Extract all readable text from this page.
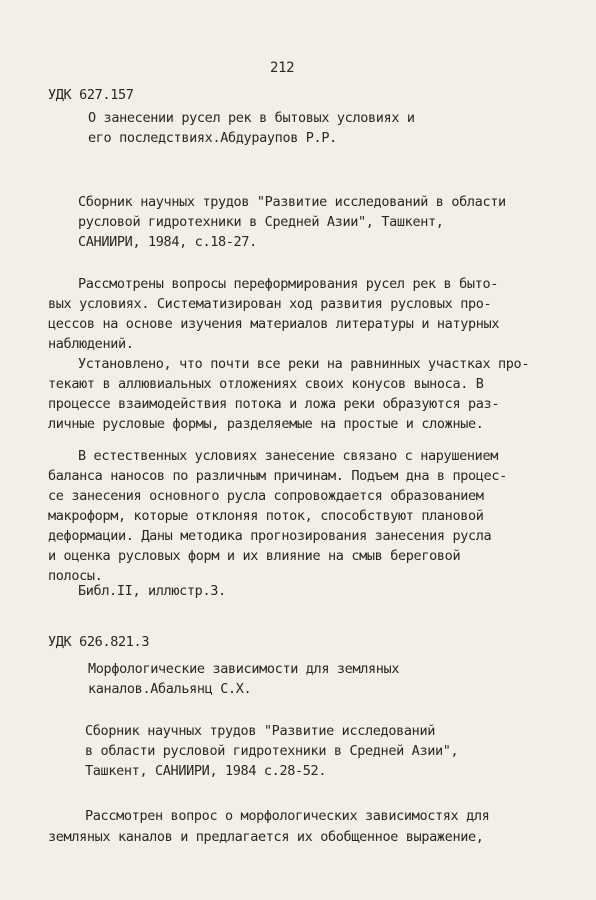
212
УДК 627.157
О занесении русел рек в бытовых условиях и
его последствиях.Абдураупов Р.Р.
Сборник научных трудов "Развитие исследований в области
русловой гидротехники в Средней Азии", Ташкент,
САНИИРИ, 1984, с.18-27.
Рассмотрены вопросы переформирования русел рек в быто-
вых условиях. Систематизирован ход развития русловых про-
цессов на основе изучения материалов литературы и натурных
наблюдений.
Установлено, что почти все реки на равнинных участках про-
текают в аллювиальных отложениях своих конусов выноса. В
процессе взаимодействия потока и ложа реки образуются раз-
личные русловые формы, разделяемые на простые и сложные.
В естественных условиях занесение связано с нарушением
баланса наносов по различным причинам. Подъем дна в процес-
се занесения основного русла сопровождается образованием
макроформ, которые отклоняя поток, способствуют плановой
деформации. Даны методика прогнозирования занесения русла
и оценка русловых форм и их влияние на смыв береговой
полосы.
Библ.II, иллюстр.3.
УДК 626.821.3
Морфологические зависимости для земляных
каналов.Абальянц С.Х.
Сборник научных трудов "Развитие исследований
в области русловой гидротехники в Средней Азии",
Ташкент, САНИИРИ, 1984 с.28-52.
Рассмотрен вопрос о морфологических зависимостях для
земляных каналов и предлагается их обобщенное выражение,
